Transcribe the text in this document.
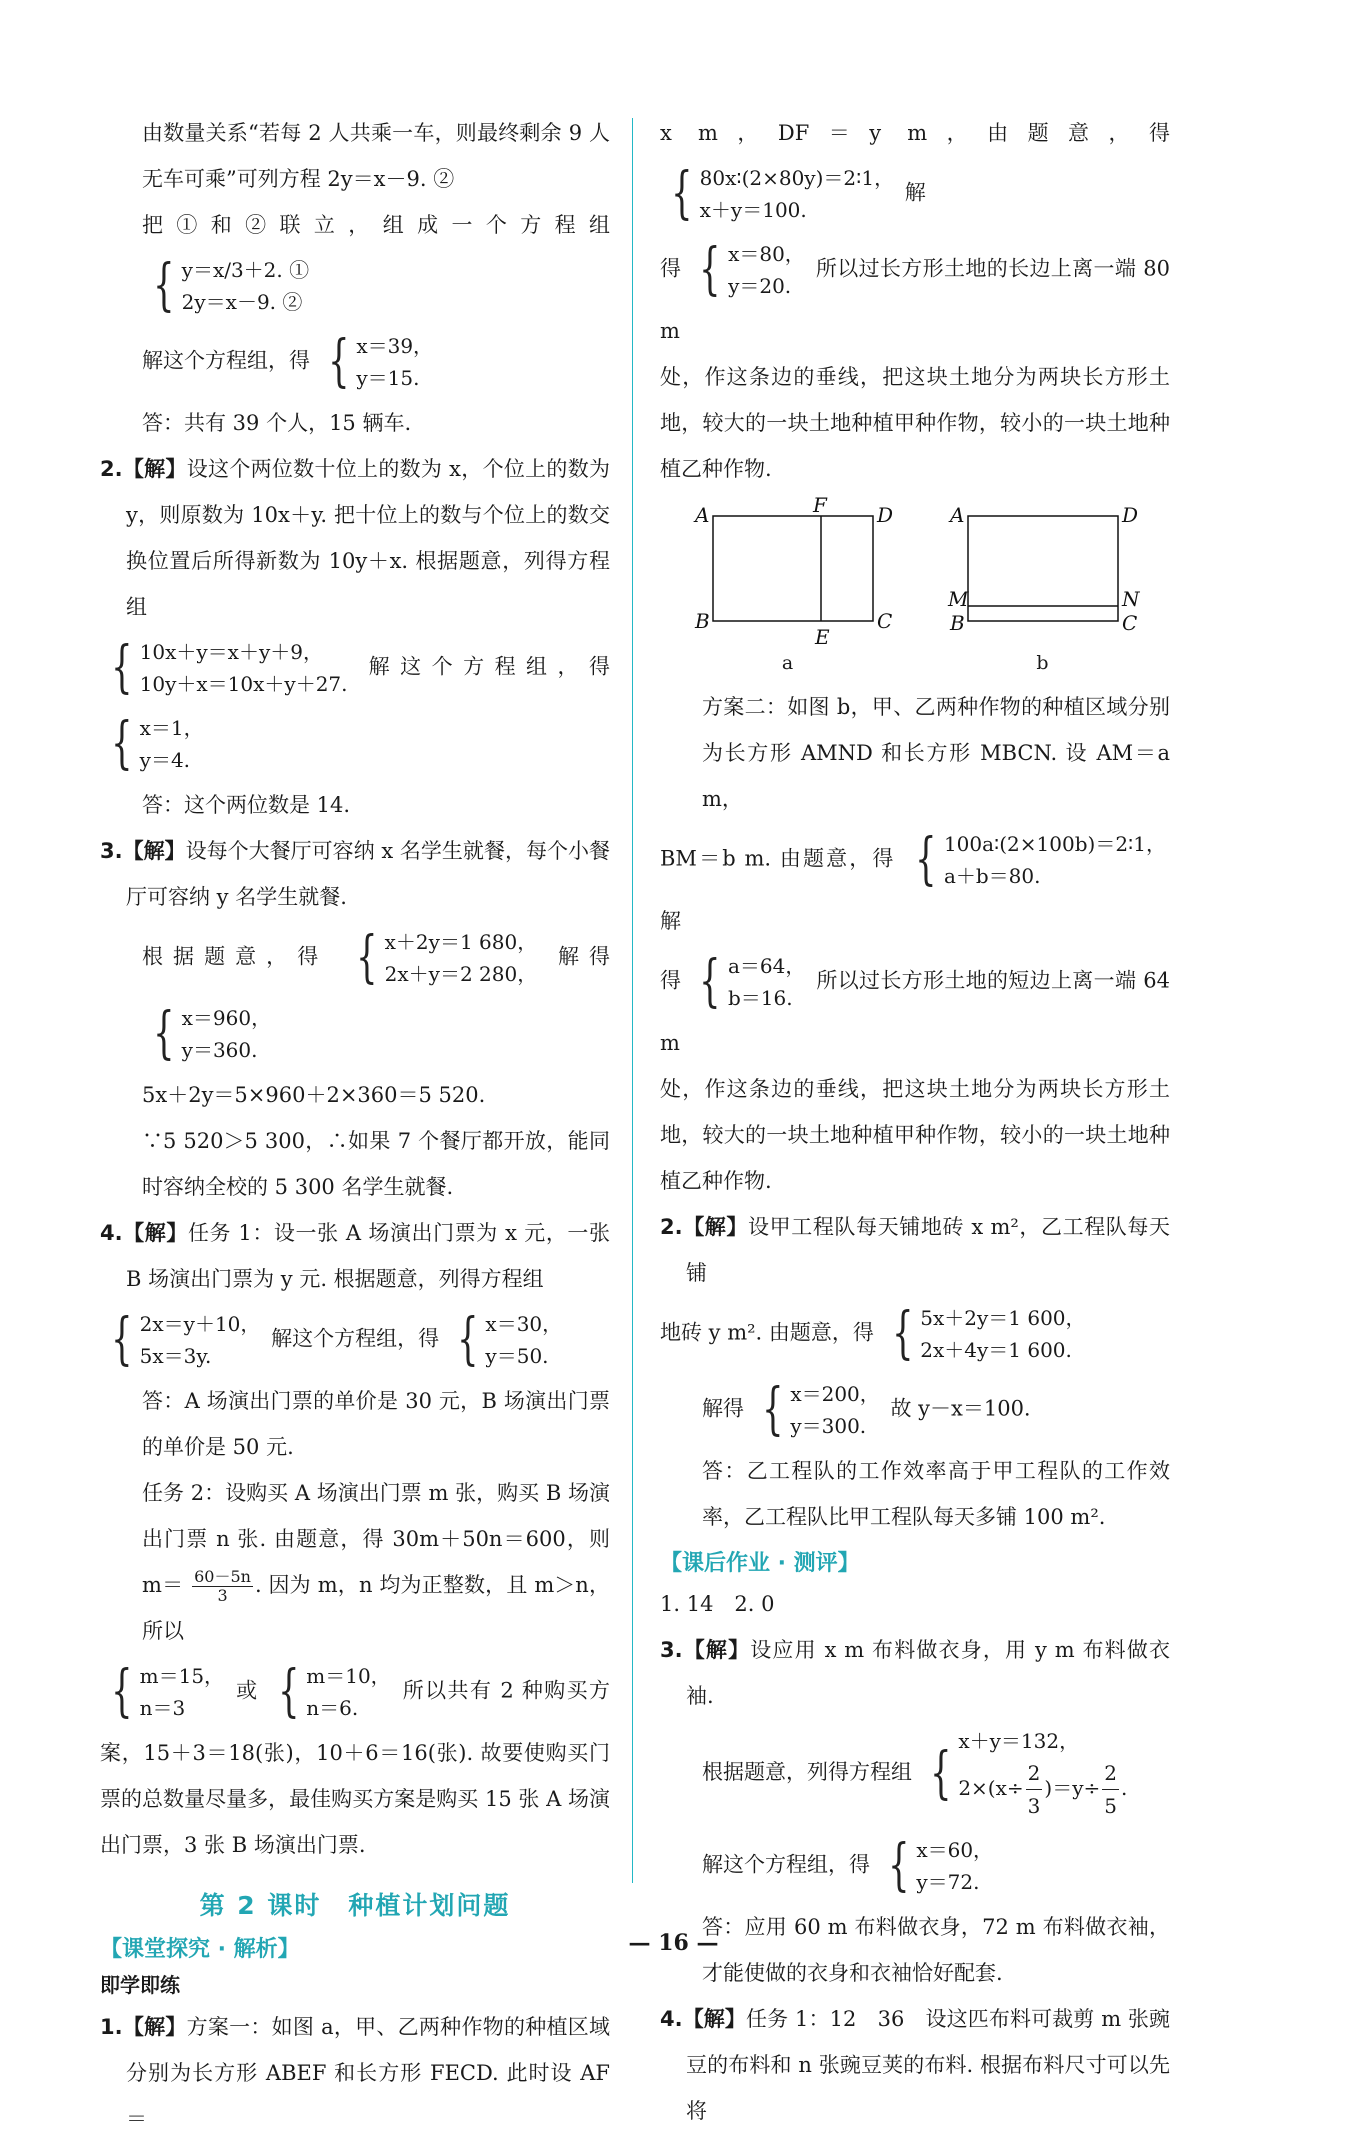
由数量关系“若每 2 人共乘一车，则最终剩余 9 人无车可乘”可列方程 2y＝x－9. ②

把①和②联立，组成一个方程组
{ y＝x/3＋2. ①
2y＝x－9. ②

解这个方程组，得 { x＝39，
y＝15.

答：共有 39 个人，15 辆车.

2.【解】设这个两位数十位上的数为 x，个位上的数为 y，则原数为 10x＋y. 把十位上的数与个位上的数交换位置后所得新数为 10y＋x. 根据题意，列得方程组

{ 10x＋y＝x＋y＋9，
10y＋x＝10x＋y＋27.
解这个方程组，得
{ x＝1，
y＝4.

答：这个两位数是 14.

3.【解】设每个大餐厅可容纳 x 名学生就餐，每个小餐厅可容纳 y 名学生就餐.

根据题意，得 { x＋2y＝1 680，
2x＋y＝2 280，
解得
{ x＝960，
y＝360.

5x＋2y＝5×960＋2×360＝5 520.

∵5 520＞5 300，∴如果 7 个餐厅都开放，能同时容纳全校的 5 300 名学生就餐.

4.【解】任务 1：设一张 A 场演出门票为 x 元，一张 B 场演出门票为 y 元. 根据题意，列得方程组

{ 2x＝y＋10，
5x＝3y.
解这个方程组，得 { x＝30，
y＝50.

答：A 场演出门票的单价是 30 元，B 场演出门票的单价是 50 元.

任务 2：设购买 A 场演出门票 m 张，购买 B 场演出门票 n 张. 由题意，得 30m＋50n＝600，则 $m= \frac{60-5n}{3}$ . 因为 m，n 均为正整数，且 m＞n，所以

{ m＝15，
n＝3
或 { m＝10，
n＝6.
所以共有 2 种购买方案，15＋3＝18(张)，10＋6＝16(张). 故要使购买门票的总数量尽量多，最佳购买方案是购买 15 张 A 场演出门票，3 张 B 场演出门票.

第 2 课时　种植计划问题
【课堂探究 · 解析】
即学即练

1.【解】方案一：如图 a，甲、乙两种作物的种植区域分别为长方形 ABEF 和长方形 FECD. 此时设 AF＝

x m，DF＝y m，由题意，得
{ 80x∶(2×80y)＝2∶1，
x＋y＝100.
解

得 { x＝80，
y＝20.
所以过长方形土地的长边上离一端 80 m

处，作这条边的垂线，把这块土地分为两块长方形土地，较大的一块土地种植甲种作物，较小的一块土地种植乙种作物.

A	F	D
B
E
C
a
A	D
M	N
B	C
b

方案二：如图 b，甲、乙两种作物的种植区域分别为长方形 AMND 和长方形 MBCN. 设 AM＝a m，

BM＝b m. 由题意，得 { 100a∶(2×100b)＝2∶1，
a＋b＝80.
解

得 { a＝64，
b＝16.
所以过长方形土地的短边上离一端 64 m

处，作这条边的垂线，把这块土地分为两块长方形土地，较大的一块土地种植甲种作物，较小的一块土地种植乙种作物.

2.【解】设甲工程队每天铺地砖 x m²，乙工程队每天铺

地砖 y m². 由题意，得 { 5x＋2y＝1 600，
2x＋4y＝1 600.

解得 { x＝200，
y＝300.
故 y－x＝100.

答：乙工程队的工作效率高于甲工程队的工作效率，乙工程队比甲工程队每天多铺 100 m².

【课后作业 · 测评】

1. 14　2. 0

3.【解】设应用 x m 布料做衣身，用 y m 布料做衣袖.

根据题意，列得方程组 { x＋y＝132，
$2\times(x\div \frac{2}{3} )=y\div \frac{2}{5}$ .

解这个方程组，得 { x＝60，
y＝72.

答：应用 60 m 布料做衣身，72 m 布料做衣袖，才能使做的衣身和衣袖恰好配套.

4.【解】任务 1：12　36　设这匹布料可裁剪 m 张豌豆的布料和 n 张豌豆荚的布料. 根据布料尺寸可以先将

— 16 —
